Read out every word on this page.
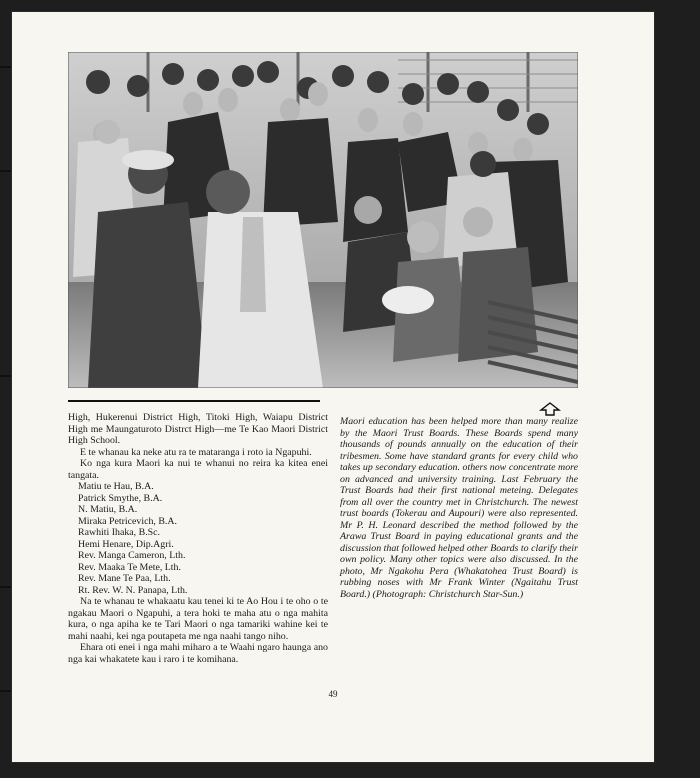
High, Hukerenui District High, Titoki High, Waiapu District High me Maungaturoto Distrct High—me Te Kao Maori District High School.

E te whanau ka neke atu ra te mataranga i roto ia Ngapuhi.

Ko nga kura Maori ka nui te whanui no reira ka kitea enei tangata.

Matiu te Hau, B.A.
Patrick Smythe, B.A.
N. Matiu, B.A.
Miraka Petricevich, B.A.
Rawhiti Ihaka, B.Sc.
Hemi Henare, Dip.Agri.
Rev. Manga Cameron, Lth.
Rev. Maaka Te Mete, Lth.
Rev. Mane Te Paa, Lth.
Rt. Rev. W. N. Panapa, Lth.

Na te whanau te whakaatu kau tenei ki te Ao Hou i te oho o te ngakau Maori o Ngapuhi, a tera hoki te maha atu o nga mahita kura, o nga apiha ke te Tari Maori o nga tamariki wahine kei te mahi naahi, kei nga poutapeta me nga naahi tango niho.

Ehara oti enei i nga mahi miharo a te Waahi ngaro haunga ano nga kai whakatete kau i raro i te komihana.

Maori education has been helped more than many realize by the Maori Trust Boards. These Boards spend many thousands of pounds annually on the education of their tribesmen. Some have standard grants for every child who takes up secondary education. others now concentrate more on advanced and university training. Last February the Trust Boards had their first national meteing. Delegates from all over the country met in Christchurch. The newest trust boards (Tokerau and Aupouri) were also represented. Mr P. H. Leonard described the method followed by the Arawa Trust Board in paying educational grants and the discussion that followed helped other Boards to clarify their own policy. Many other topics were also discussed. In the photo, Mr Ngakohu Pera (Whakatohea Trust Board) is rubbing noses with Mr Frank Winter (Ngaitahu Trust Board.) (Photograph: Christchurch Star-Sun.)

49
